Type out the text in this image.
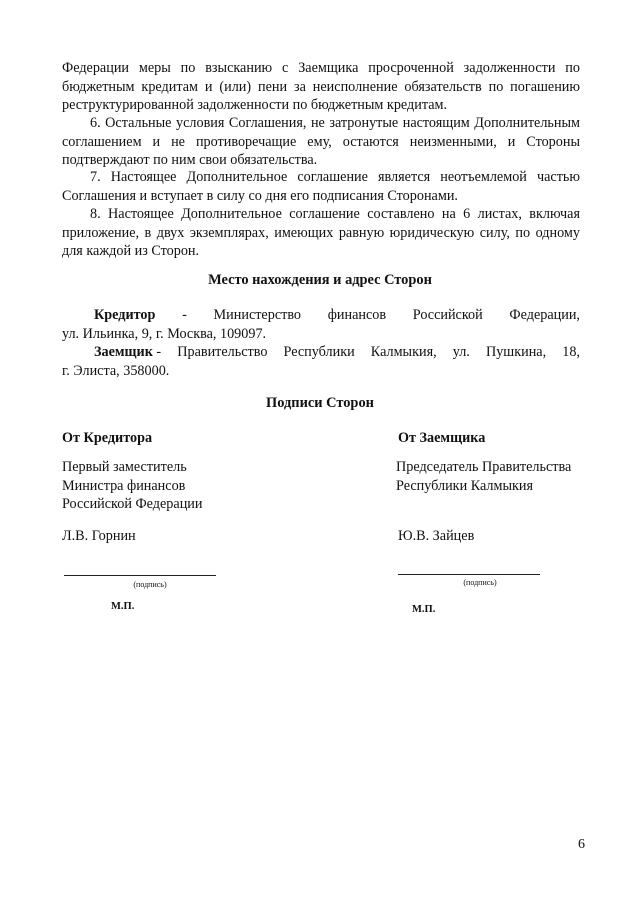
Федерации меры по взысканию с Заемщика просроченной задолженности по бюджетным кредитам и (или) пени за неисполнение обязательств по погашению реструктурированной задолженности по бюджетным кредитам.

6. Остальные условия Соглашения, не затронутые настоящим Дополнительным соглашением и не противоречащие ему, остаются неизменными, и Стороны подтверждают по ним свои обязательства.

7. Настоящее Дополнительное соглашение является неотъемлемой частью Соглашения и вступает в силу со дня его подписания Сторонами.

8. Настоящее Дополнительное соглашение составлено на 6 листах, включая приложение, в двух экземплярах, имеющих равную юридическую силу, по одному для каждой из Сторон.

Место нахождения и адрес Сторон

Кредитор - Министерство финансов Российской Федерации,
ул. Ильинка, 9, г. Москва, 109097.
Заемщик - Правительство Республики Калмыкия, ул. Пушкина, 18,
г. Элиста, 358000.

Подписи Сторон

От Кредитора
Первый заместитель
Министра финансов
Российской Федерации
Л.В. Горнин
(подпись)
М.П.
От Заемщика
Председатель Правительства
Республики Калмыкия
Ю.В. Зайцев
(подпись)
М.П.
6
